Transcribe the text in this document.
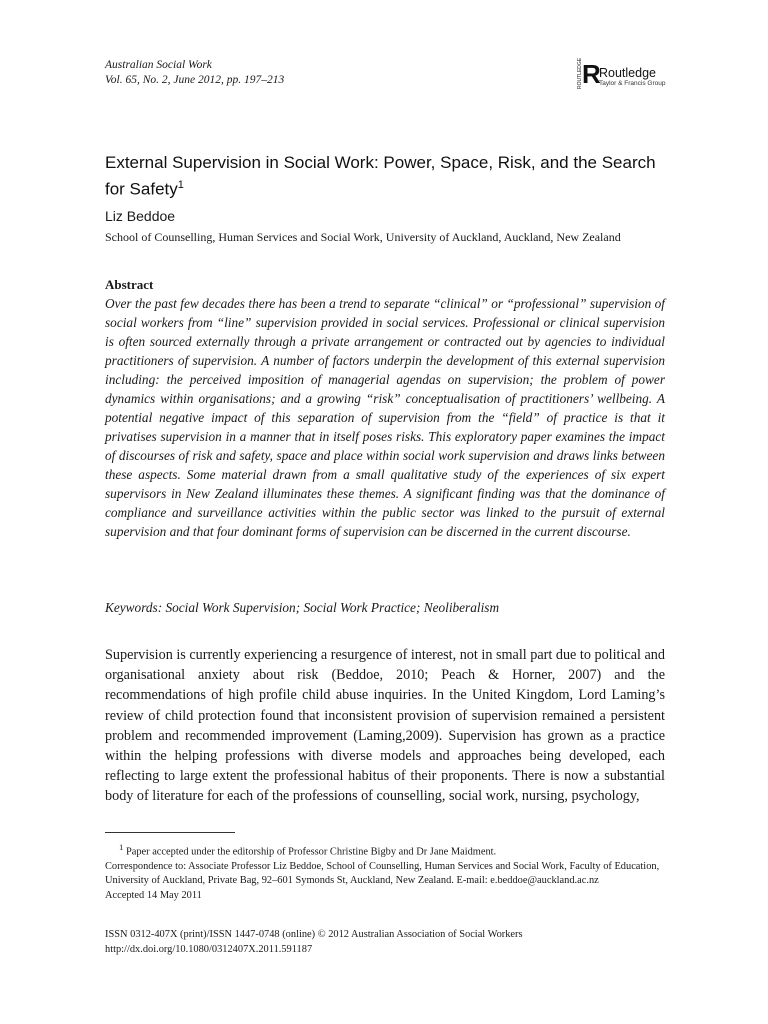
Australian Social Work
Vol. 65, No. 2, June 2012, pp. 197–213	ROUTLEDGE R
Routledge
Taylor & Francis Group
External Supervision in Social Work: Power, Space, Risk, and the Search for Safety$^1$
Liz Beddoe
School of Counselling, Human Services and Social Work, University of Auckland, Auckland, New Zealand
Abstract

Over the past few decades there has been a trend to separate “clinical” or “professional” supervision of social workers from “line” supervision provided in social services. Professional or clinical supervision is often sourced externally through a private arrangement or contracted out by agencies to individual practitioners of supervision. A number of factors underpin the development of this external supervision including: the perceived imposition of managerial agendas on supervision; the problem of power dynamics within organisations; and a growing “risk” conceptualisation of practitioners’ wellbeing. A potential negative impact of this separation of supervision from the “field” of practice is that it privatises supervision in a manner that in itself poses risks. This exploratory paper examines the impact of discourses of risk and safety, space and place within social work supervision and draws links between these aspects. Some material drawn from a small qualitative study of the experiences of six expert supervisors in New Zealand illuminates these themes. A significant finding was that the dominance of compliance and surveillance activities within the public sector was linked to the pursuit of external supervision and that four dominant forms of supervision can be discerned in the current discourse.

Keywords: Social Work Supervision; Social Work Practice; Neoliberalism

Supervision is currently experiencing a resurgence of interest, not in small part due to political and organisational anxiety about risk (Beddoe, 2010; Peach & Horner, 2007) and the recommendations of high profile child abuse inquiries. In the United Kingdom, Lord Laming’s review of child protection found that inconsistent provision of supervision remained a persistent problem and recommended improvement (Laming,2009). Supervision has grown as a practice within the helping professions with diverse models and approaches being developed, each reflecting to large extent the professional habitus of their proponents. There is now a substantial body of literature for each of the professions of counselling, social work, nursing, psychology,

$^1$ Paper accepted under the editorship of Professor Christine Bigby and Dr Jane Maidment.

Correspondence to: Associate Professor Liz Beddoe, School of Counselling, Human Services and Social Work, Faculty of Education, University of Auckland, Private Bag, 92–601 Symonds St, Auckland, New Zealand. E-mail: e.beddoe@auckland.ac.nz

Accepted 14 May 2011

ISSN 0312-407X (print)/ISSN 1447-0748 (online) © 2012 Australian Association of Social Workers

http://dx.doi.org/10.1080/0312407X.2011.591187
